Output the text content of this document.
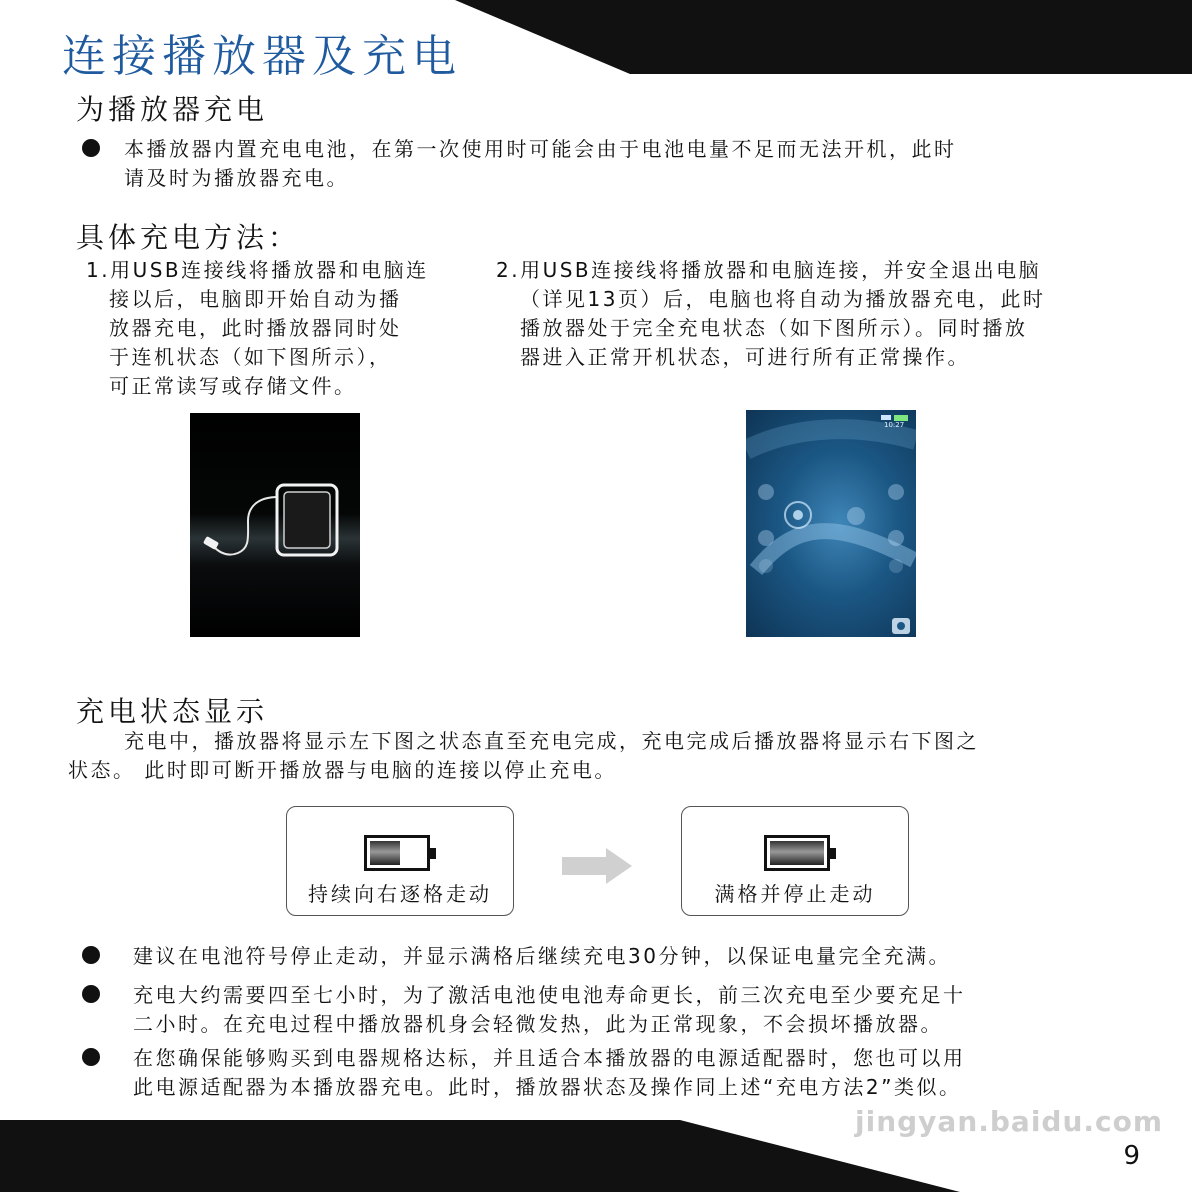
连接播放器及充电
为播放器充电
本播放器内置充电电池，在第一次使用时可能会由于电池电量不足而无法开机，此时
请及时为播放器充电。
具体充电方法：
1.用USB连接线将播放器和电脑连
接以后，电脑即开始自动为播
放器充电，此时播放器同时处
于连机状态（如下图所示），
可正常读写或存储文件。
2.用USB连接线将播放器和电脑连接，并安全退出电脑
（详见13页）后，电脑也将自动为播放器充电，此时
播放器处于完全充电状态（如下图所示）。同时播放
器进入正常开机状态，可进行所有正常操作。
10:27
充电状态显示
充电中，播放器将显示左下图之状态直至充电完成，充电完成后播放器将显示右下图之
状态。 此时即可断开播放器与电脑的连接以停止充电。
持续向右逐格走动	满格并停止走动
建议在电池符号停止走动，并显示满格后继续充电30分钟，以保证电量完全充满。
充电大约需要四至七小时，为了激活电池使电池寿命更长，前三次充电至少要充足十
二小时。在充电过程中播放器机身会轻微发热，此为正常现象，不会损坏播放器。
在您确保能够购买到电器规格达标，并且适合本播放器的电源适配器时，您也可以用
此电源适配器为本播放器充电。此时，播放器状态及操作同上述“充电方法2”类似。
jingyan.baidu.com
9
